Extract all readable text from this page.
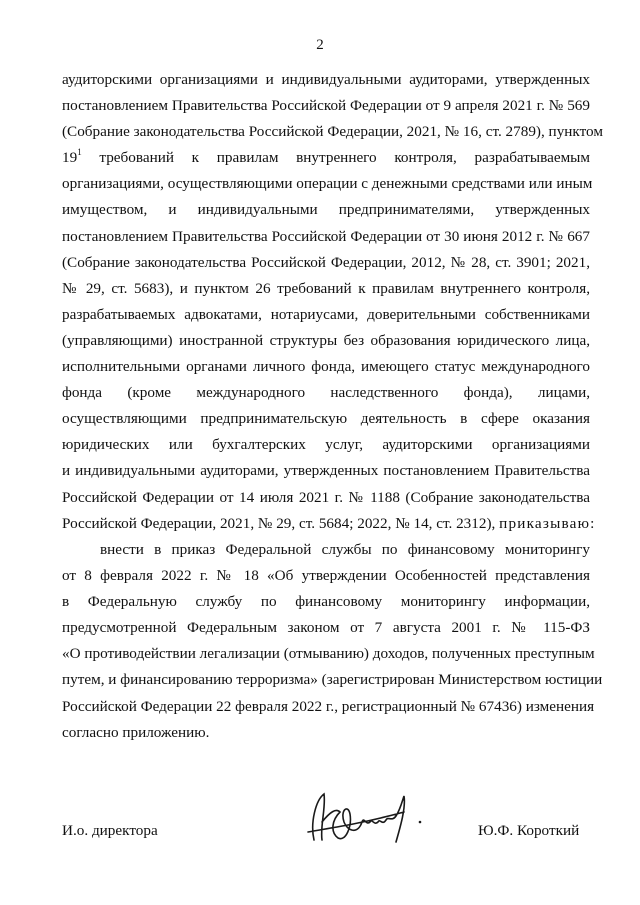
2
аудиторскими организациями и индивидуальными аудиторами, утвержденных
постановлением Правительства Российской Федерации от 9 апреля 2021 г. № 569
(Собрание законодательства Российской Федерации, 2021, № 16, ст. 2789), пунктом
$19^1$ требований к правилам внутреннего контроля, разрабатываемым
организациями, осуществляющими операции с денежными средствами или иным
имуществом, и индивидуальными предпринимателями, утвержденных
постановлением Правительства Российской Федерации от 30 июня 2012 г. № 667
(Собрание законодательства Российской Федерации, 2012, № 28, ст. 3901; 2021,
№ 29, ст. 5683), и пунктом 26 требований к правилам внутреннего контроля,
разрабатываемых адвокатами, нотариусами, доверительными собственниками
(управляющими) иностранной структуры без образования юридического лица,
исполнительными органами личного фонда, имеющего статус международного
фонда (кроме международного наследственного фонда), лицами,
осуществляющими предпринимательскую деятельность в сфере оказания
юридических или бухгалтерских услуг, аудиторскими организациями
и индивидуальными аудиторами, утвержденных постановлением Правительства
Российской Федерации от 14 июля 2021 г. № 1188 (Собрание законодательства
Российской Федерации, 2021, № 29, ст. 5684; 2022, № 14, ст. 2312), приказываю:
внести в приказ Федеральной службы по финансовому мониторингу
от 8 февраля 2022 г. № 18 «Об утверждении Особенностей представления
в Федеральную службу по финансовому мониторингу информации,
предусмотренной Федеральным законом от 7 августа 2001 г. № 115-ФЗ
«О противодействии легализации (отмыванию) доходов, полученных преступным
путем, и финансированию терроризма» (зарегистрирован Министерством юстиции
Российской Федерации 22 февраля 2022 г., регистрационный № 67436) изменения
согласно приложению.
И.о. директора	Ю.Ф. Короткий
